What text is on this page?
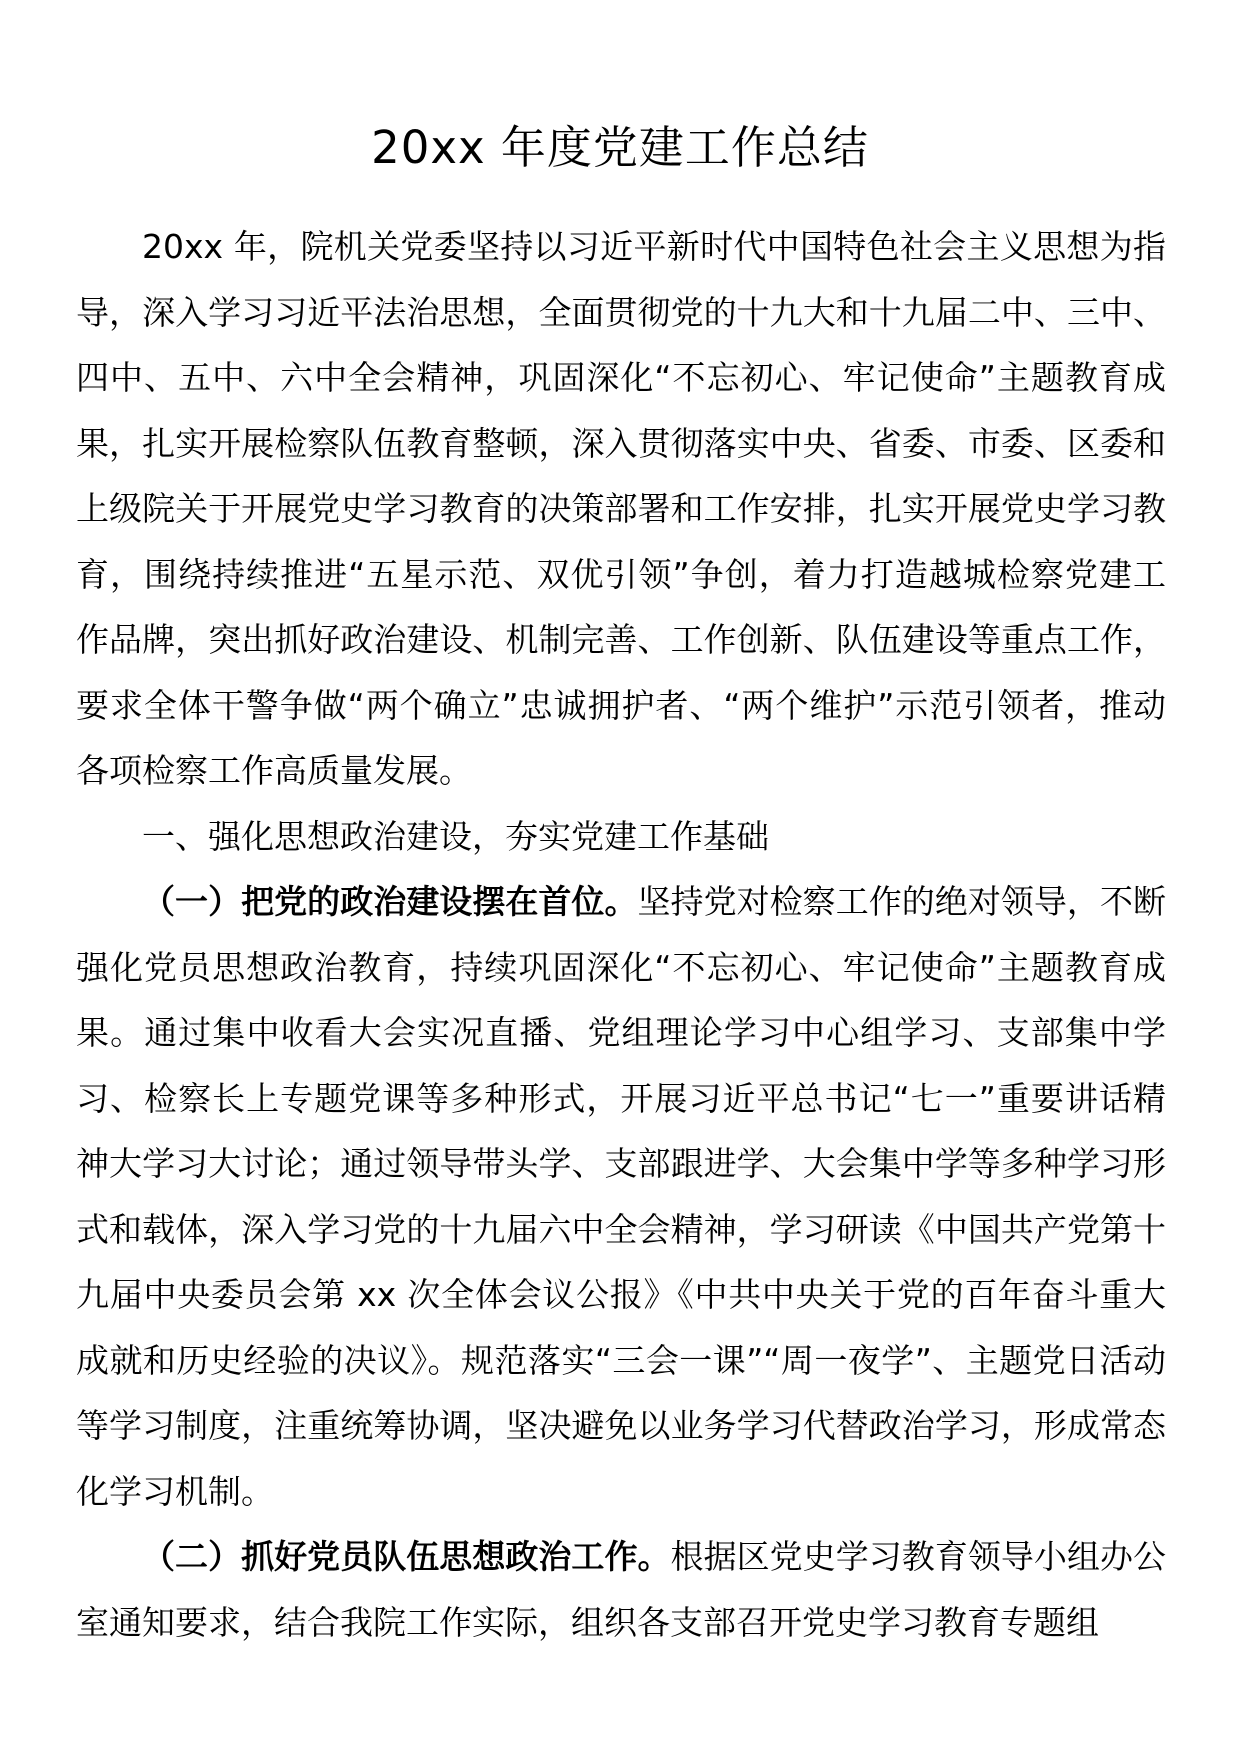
20xx 年度党建工作总结

20xx 年，院机关党委坚持以习近平新时代中国特色社会主义思想为指导，深入学习习近平法治思想，全面贯彻党的十九大和十九届二中、三中、四中、五中、六中全会精神，巩固深化“不忘初心、牢记使命”主题教育成果，扎实开展检察队伍教育整顿，深入贯彻落实中央、省委、市委、区委和上级院关于开展党史学习教育的决策部署和工作安排，扎实开展党史学习教育，围绕持续推进“五星示范、双优引领”争创，着力打造越城检察党建工作品牌，突出抓好政治建设、机制完善、工作创新、队伍建设等重点工作，要求全体干警争做“两个确立”忠诚拥护者、“两个维护”示范引领者，推动各项检察工作高质量发展。

一、强化思想政治建设，夯实党建工作基础

（一）把党的政治建设摆在首位。坚持党对检察工作的绝对领导，不断强化党员思想政治教育，持续巩固深化“不忘初心、牢记使命”主题教育成果。通过集中收看大会实况直播、党组理论学习中心组学习、支部集中学习、检察长上专题党课等多种形式，开展习近平总书记“七一”重要讲话精神大学习大讨论；通过领导带头学、支部跟进学、大会集中学等多种学习形式和载体，深入学习党的十九届六中全会精神，学习研读《中国共产党第十九届中央委员会第 xx 次全体会议公报》《中共中央关于党的百年奋斗重大成就和历史经验的决议》。规范落实“三会一课”“周一夜学”、主题党日活动等学习制度，注重统筹协调，坚决避免以业务学习代替政治学习，形成常态化学习机制。

（二）抓好党员队伍思想政治工作。根据区党史学习教育领导小组办公室通知要求，结合我院工作实际，组织各支部召开党史学习教育专题组
